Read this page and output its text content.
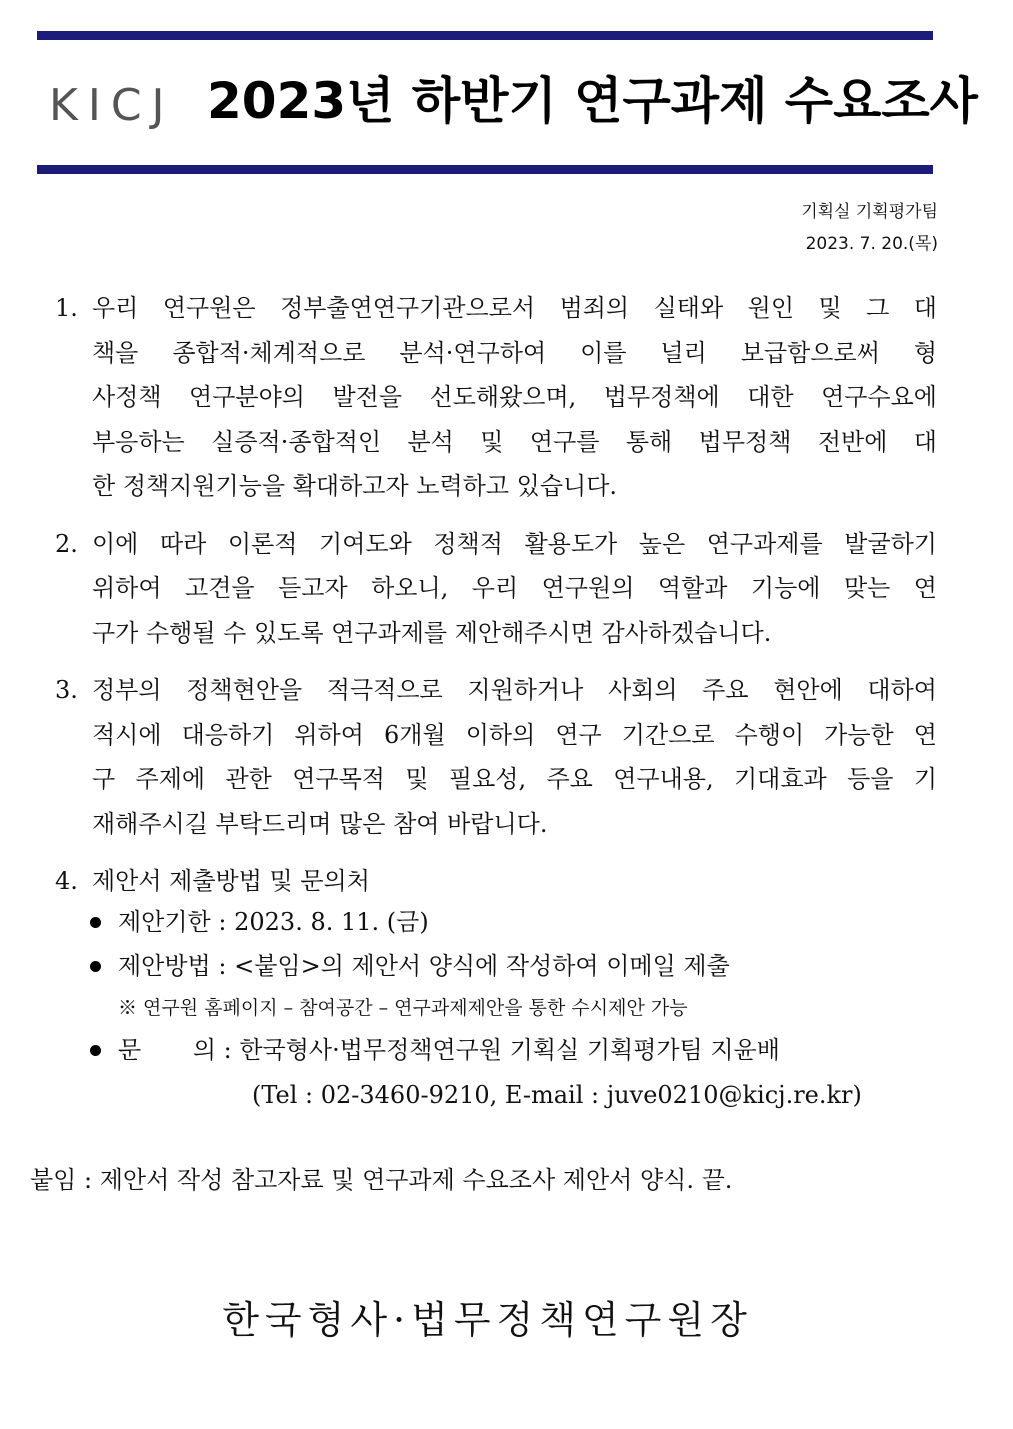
KICJ 2023년 하반기 연구과제 수요조사
기획실 기획평가팀
2023. 7. 20.(목)
1. 우리 연구원은 정부출연연구기관으로서 범죄의 실태와 원인 및 그 대
책을 종합적·체계적으로 분석·연구하여 이를 널리 보급함으로써 형
사정책 연구분야의 발전을 선도해왔으며, 법무정책에 대한 연구수요에
부응하는 실증적·종합적인 분석 및 연구를 통해 법무정책 전반에 대
한 정책지원기능을 확대하고자 노력하고 있습니다.
2. 이에 따라 이론적 기여도와 정책적 활용도가 높은 연구과제를 발굴하기
위하여 고견을 듣고자 하오니, 우리 연구원의 역할과 기능에 맞는 연
구가 수행될 수 있도록 연구과제를 제안해주시면 감사하겠습니다.
3. 정부의 정책현안을 적극적으로 지원하거나 사회의 주요 현안에 대하여
적시에 대응하기 위하여 6개월 이하의 연구 기간으로 수행이 가능한 연
구 주제에 관한 연구목적 및 필요성, 주요 연구내용, 기대효과 등을 기
재해주시길 부탁드리며 많은 참여 바랍니다.
4. 제안서 제출방법 및 문의처
제안기한 : 2023. 8. 11. (금)
제안방법 : <붙임>의 제안서 양식에 작성하여 이메일 제출
※ 연구원 홈페이지 – 참여공간 – 연구과제제안을 통한 수시제안 가능
문 의 : 한국형사·법무정책연구원 기획실 기획평가팀 지윤배
(Tel : 02-3460-9210, E-mail : juve0210@kicj.re.kr)
붙임 : 제안서 작성 참고자료 및 연구과제 수요조사 제안서 양식. 끝.
한국형사·법무정책연구원장
